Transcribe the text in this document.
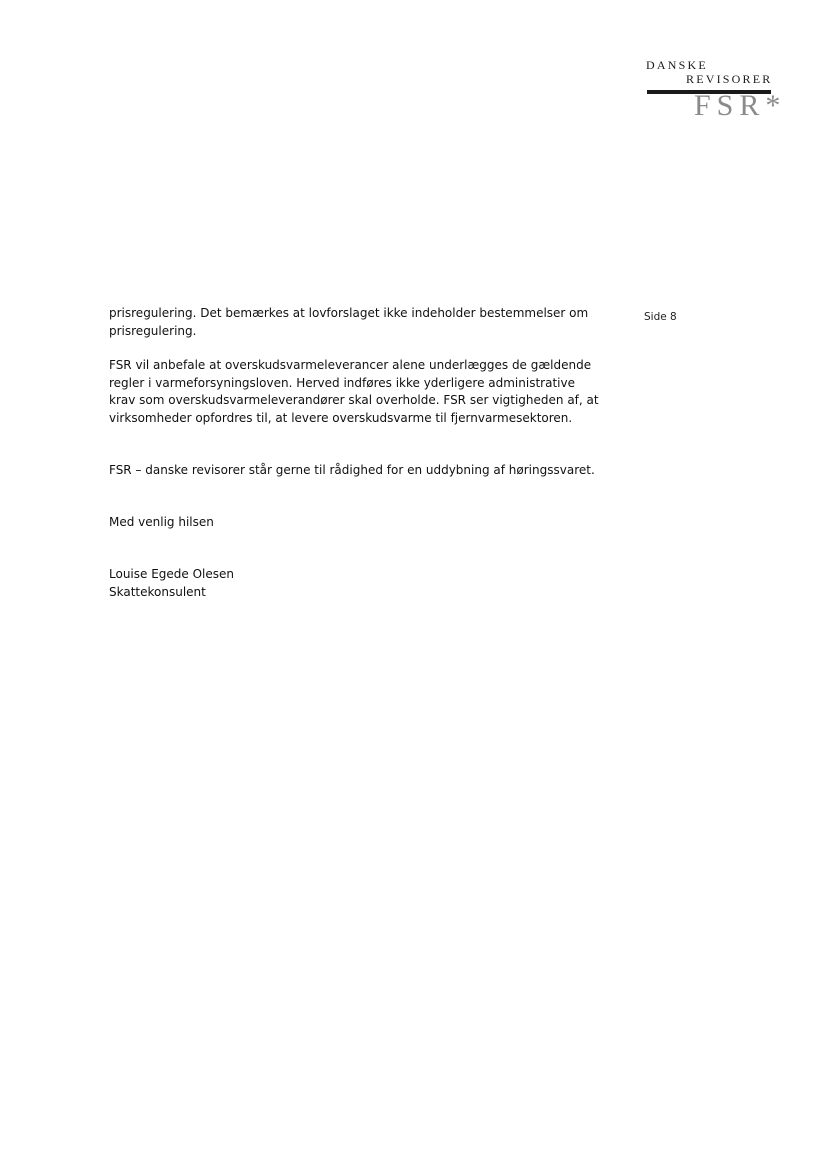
DANSKE
REVISORER
FSR*
Side 8
prisregulering. Det bemærkes at lovforslaget ikke indeholder bestemmelser om
prisregulering.
FSR vil anbefale at overskudsvarmeleverancer alene underlægges de gældende
regler i varmeforsyningsloven. Herved indføres ikke yderligere administrative
krav som overskudsvarmeleverandører skal overholde. FSR ser vigtigheden af, at
virksomheder opfordres til, at levere overskudsvarme til fjernvarmesektoren.
FSR – danske revisorer står gerne til rådighed for en uddybning af høringssvaret.
Med venlig hilsen
Louise Egede Olesen
Skattekonsulent
